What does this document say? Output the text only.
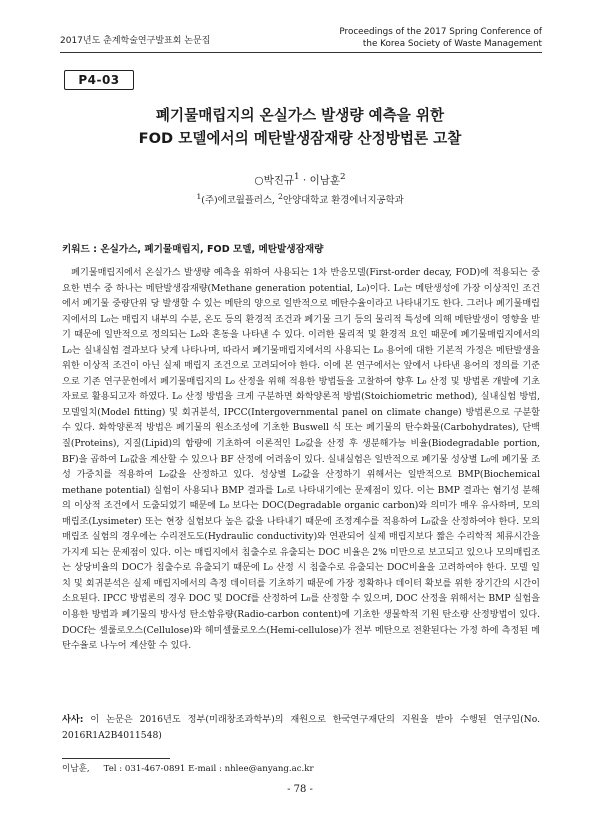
2017년도 춘계학술연구발표회 논문집
Proceedings of the 2017 Spring Conference of
the Korea Society of Waste Management
P4-03
폐기물매립지의 온실가스 발생량 예측을 위한
FOD 모델에서의 메탄발생잠재량 산정방법론 고찰
○박진규$^1$ · 이남훈$^2$
$^1$(주)에코월플러스, $^2$안양대학교 환경에너지공학과
키워드 : 온실가스, 폐기물매립지, FOD 모델, 메탄발생잠재량

폐기물매립지에서 온실가스 발생량 예측을 위하여 사용되는 1차 반응모델(First-order decay, FOD)에 적용되는 중요한 변수 중 하나는 메탄발생잠재량(Methane generation potential, L₀)이다. L₀는 메탄생성에 가장 이상적인 조건에서 폐기물 중량단위 당 발생할 수 있는 메탄의 양으로 일반적으로 메탄수율이라고 나타내기도 한다. 그러나 폐기물매립지에서의 L₀는 매립지 내부의 수분, 온도 등의 환경적 조건과 폐기물 크기 등의 물리적 특성에 의해 메탄발생이 영향을 받기 때문에 일반적으로 정의되는 L₀와 혼동을 나타낸 수 있다. 이러한 물리적 및 환경적 요인 때문에 폐기물매립지에서의 L₀는 실내실험 결과보다 낮게 나타나며, 따라서 폐기물매립지에서의 사용되는 L₀ 용어에 대한 기본적 가정은 메탄발생을 위한 이상적 조건이 아닌 실제 매립지 조건으로 고려되어야 한다. 이에 본 연구에서는 앞에서 나타낸 용어의 정의를 기준으로 기존 연구문헌에서 폐기물매립지의 L₀ 산정을 위해 적용한 방법들을 고찰하여 향후 L₀ 산정 및 방법론 개발에 기초자료로 활용되고자 하였다. L₀ 산정 방법을 크게 구분하면 화학양론적 방법(Stoichiometric method), 실내실험 방법, 모델일치(Model fitting) 및 회귀분석, IPCC(Intergovernmental panel on climate change) 방법론으로 구분할 수 있다. 화학양론적 방법은 폐기물의 원소조성에 기초한 Buswell 식 또는 폐기물의 탄수화물(Carbohydrates), 단백질(Proteins), 지질(Lipid)의 함량에 기초하여 이론적인 L₀값을 산정 후 생분해가능 비율(Biodegradable portion, BF)을 곱하여 L₀값을 계산할 수 있으나 BF 산정에 어려움이 있다. 실내실험은 일반적으로 폐기물 성상별 L₀에 폐기물 조성 가중치를 적용하여 L₀값을 산정하고 있다. 성상별 L₀값을 산정하기 위해서는 일반적으로 BMP(Biochemical methane potential) 실험이 사용되나 BMP 결과를 L₀로 나타내기에는 문제점이 있다. 이는 BMP 결과는 혐기성 분해의 이상적 조건에서 도출되었기 때문에 L₀ 보다는 DOC(Degradable organic carbon)와 의미가 매우 유사하며, 모의매립조(Lysimeter) 또는 현장 실험보다 높은 값을 나타내기 때문에 조정계수를 적용하여 L₀값을 산정하여야 한다. 모의매립조 실험의 경우에는 수리전도도(Hydraulic conductivity)와 연관되어 실제 매립지보다 짧은 수리학적 체류시간을 가지게 되는 문제점이 있다. 이는 매립지에서 침출수로 유출되는 DOC 비율은 2% 미만으로 보고되고 있으나 모의매립조는 상당비율의 DOC가 침출수로 유출되기 때문에 L₀ 산정 시 침출수로 유출되는 DOC비율을 고려하여야 한다. 모델 일치 및 회귀분석은 실제 매립지에서의 측정 데이터를 기초하기 때문에 가장 정확하나 데이터 확보를 위한 장기간의 시간이 소요된다. IPCC 방법론의 경우 DOC 및 DOCf를 산정하여 L₀를 산정할 수 있으며, DOC 산정을 위해서는 BMP 실험을 이용한 방법과 폐기물의 방사성 탄소함유량(Radio-carbon content)에 기초한 생물학적 기원 탄소량 산정방법이 있다. DOCf는 셀룰로오스(Cellulose)와 헤미셀룰로오스(Hemi-cellulose)가 전부 메탄으로 전환된다는 가정 하에 측정된 메탄수율로 나누어 계산할 수 있다.

사사: 이 논문은 2016년도 정부(미래창조과학부)의 재원으로 한국연구재단의 지원을 받아 수행된 연구임(No. 2016R1A2B4011548)

이남훈, Tel : 031-467-0891 E-mail : nhlee@anyang.ac.kr
- 78 -
